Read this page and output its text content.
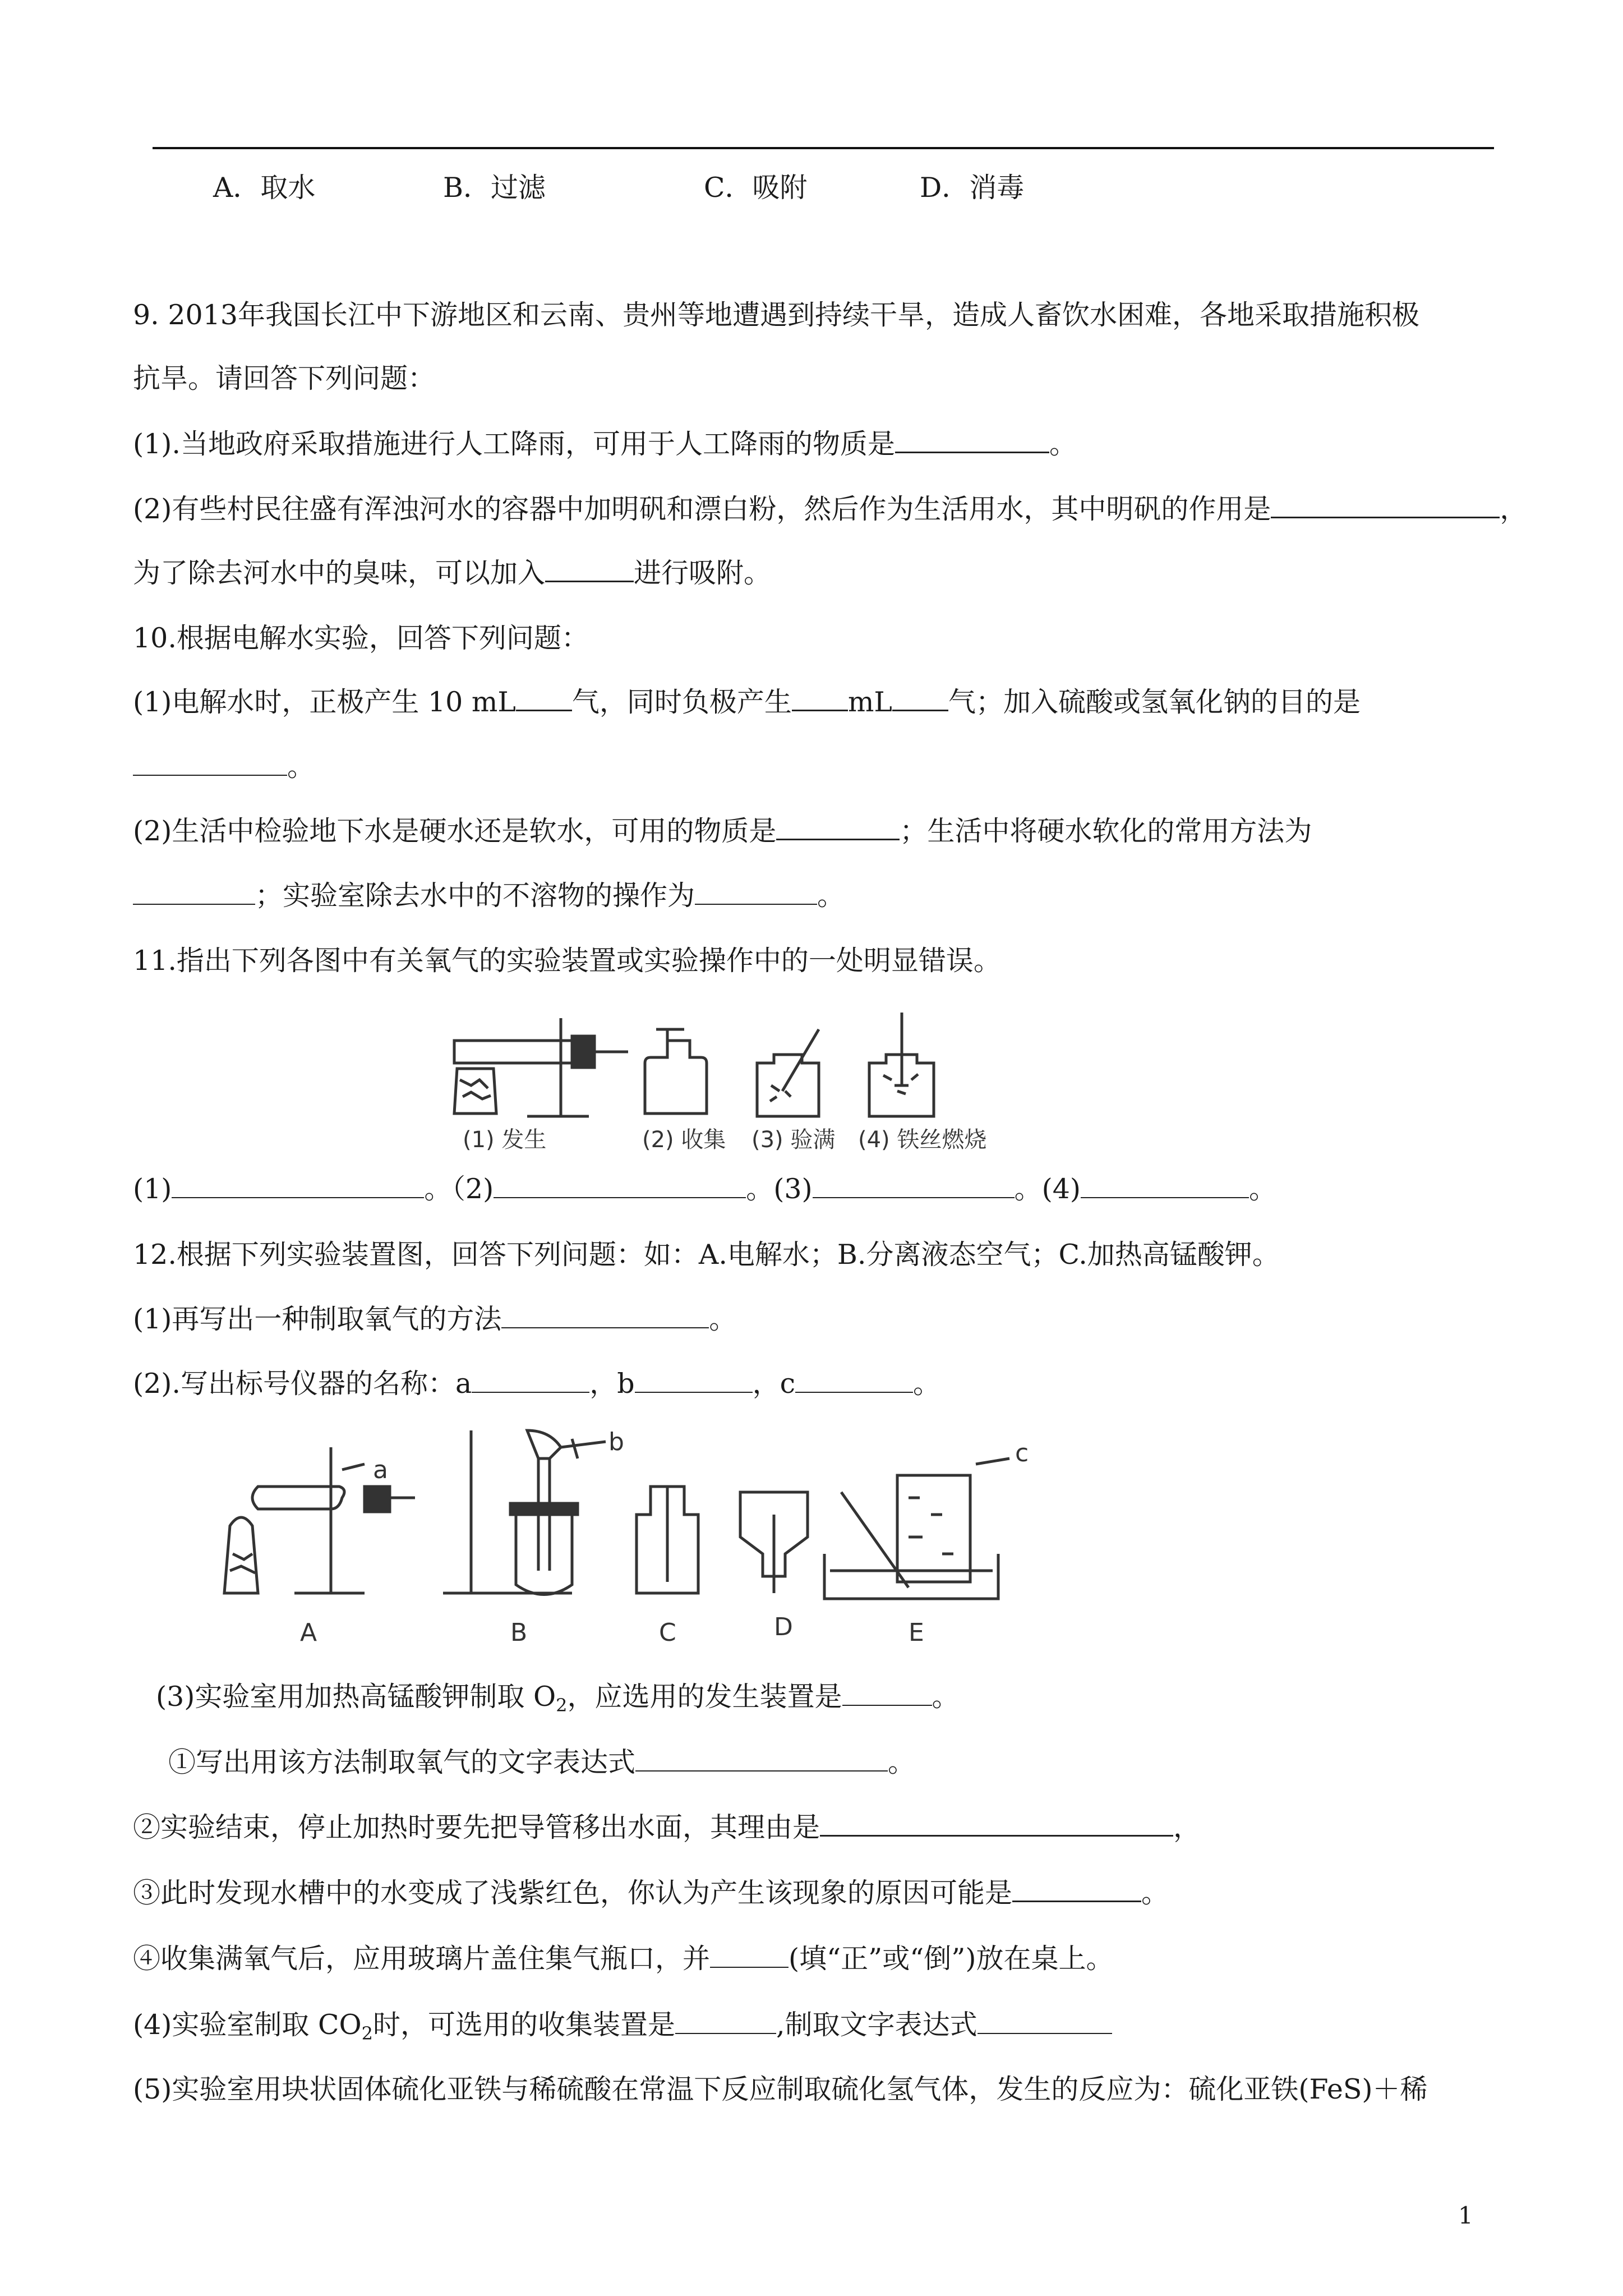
A．取水	B．过滤	C．吸附	D．消毒
9. 2013年我国长江中下游地区和云南、贵州等地遭遇到持续干旱，造成人畜饮水困难，各地采取措施积极
抗旱。请回答下列问题：
(1).当地政府采取措施进行人工降雨，可用于人工降雨的物质是	。
(2)有些村民往盛有浑浊河水的容器中加明矾和漂白粉，然后作为生活用水，其中明矾的作用是	，
为了除去河水中的臭味，可以加入	进行吸附。
10.根据电解水实验，回答下列问题：
(1)电解水时，正极产生 10 mL 气，同时负极产生 mL 气；加入硫酸或氢氧化钠的目的是
。
(2)生活中检验地下水是硬水还是软水，可用的物质是	；生活中将硬水软化的常用方法为
；实验室除去水中的不溶物的操作为	。
11.指出下列各图中有关氧气的实验装置或实验操作中的一处明显错误。
(1) 发生	(2) 收集 (3) 验满 (4) 铁丝燃烧
(1)	。（2)	。(3)	。(4)	。
12.根据下列实验装置图，回答下列问题：如：A.电解水；B.分离液态空气；C.加热高锰酸钾。
(1)再写出一种制取氧气的方法	。
(2).写出标号仪器的名称：a	，b	，c	。
a
b	c
A	B	C	D	E
(3)实验室用加热高锰酸钾制取 $O_2$，应选用的发生装置是	。
①写出用该方法制取氧气的文字表达式	。
②实验结束，停止加热时要先把导管移出水面，其理由是	，
③此时发现水槽中的水变成了浅紫红色，你认为产生该现象的原因可能是	。
④收集满氧气后，应用玻璃片盖住集气瓶口，并	(填“正”或“倒”)放在桌上。
(4)实验室制取 $CO_2$时，可选用的收集装置是	,制取文字表达式
(5)实验室用块状固体硫化亚铁与稀硫酸在常温下反应制取硫化氢气体，发生的反应为：硫化亚铁(FeS)＋稀
1
